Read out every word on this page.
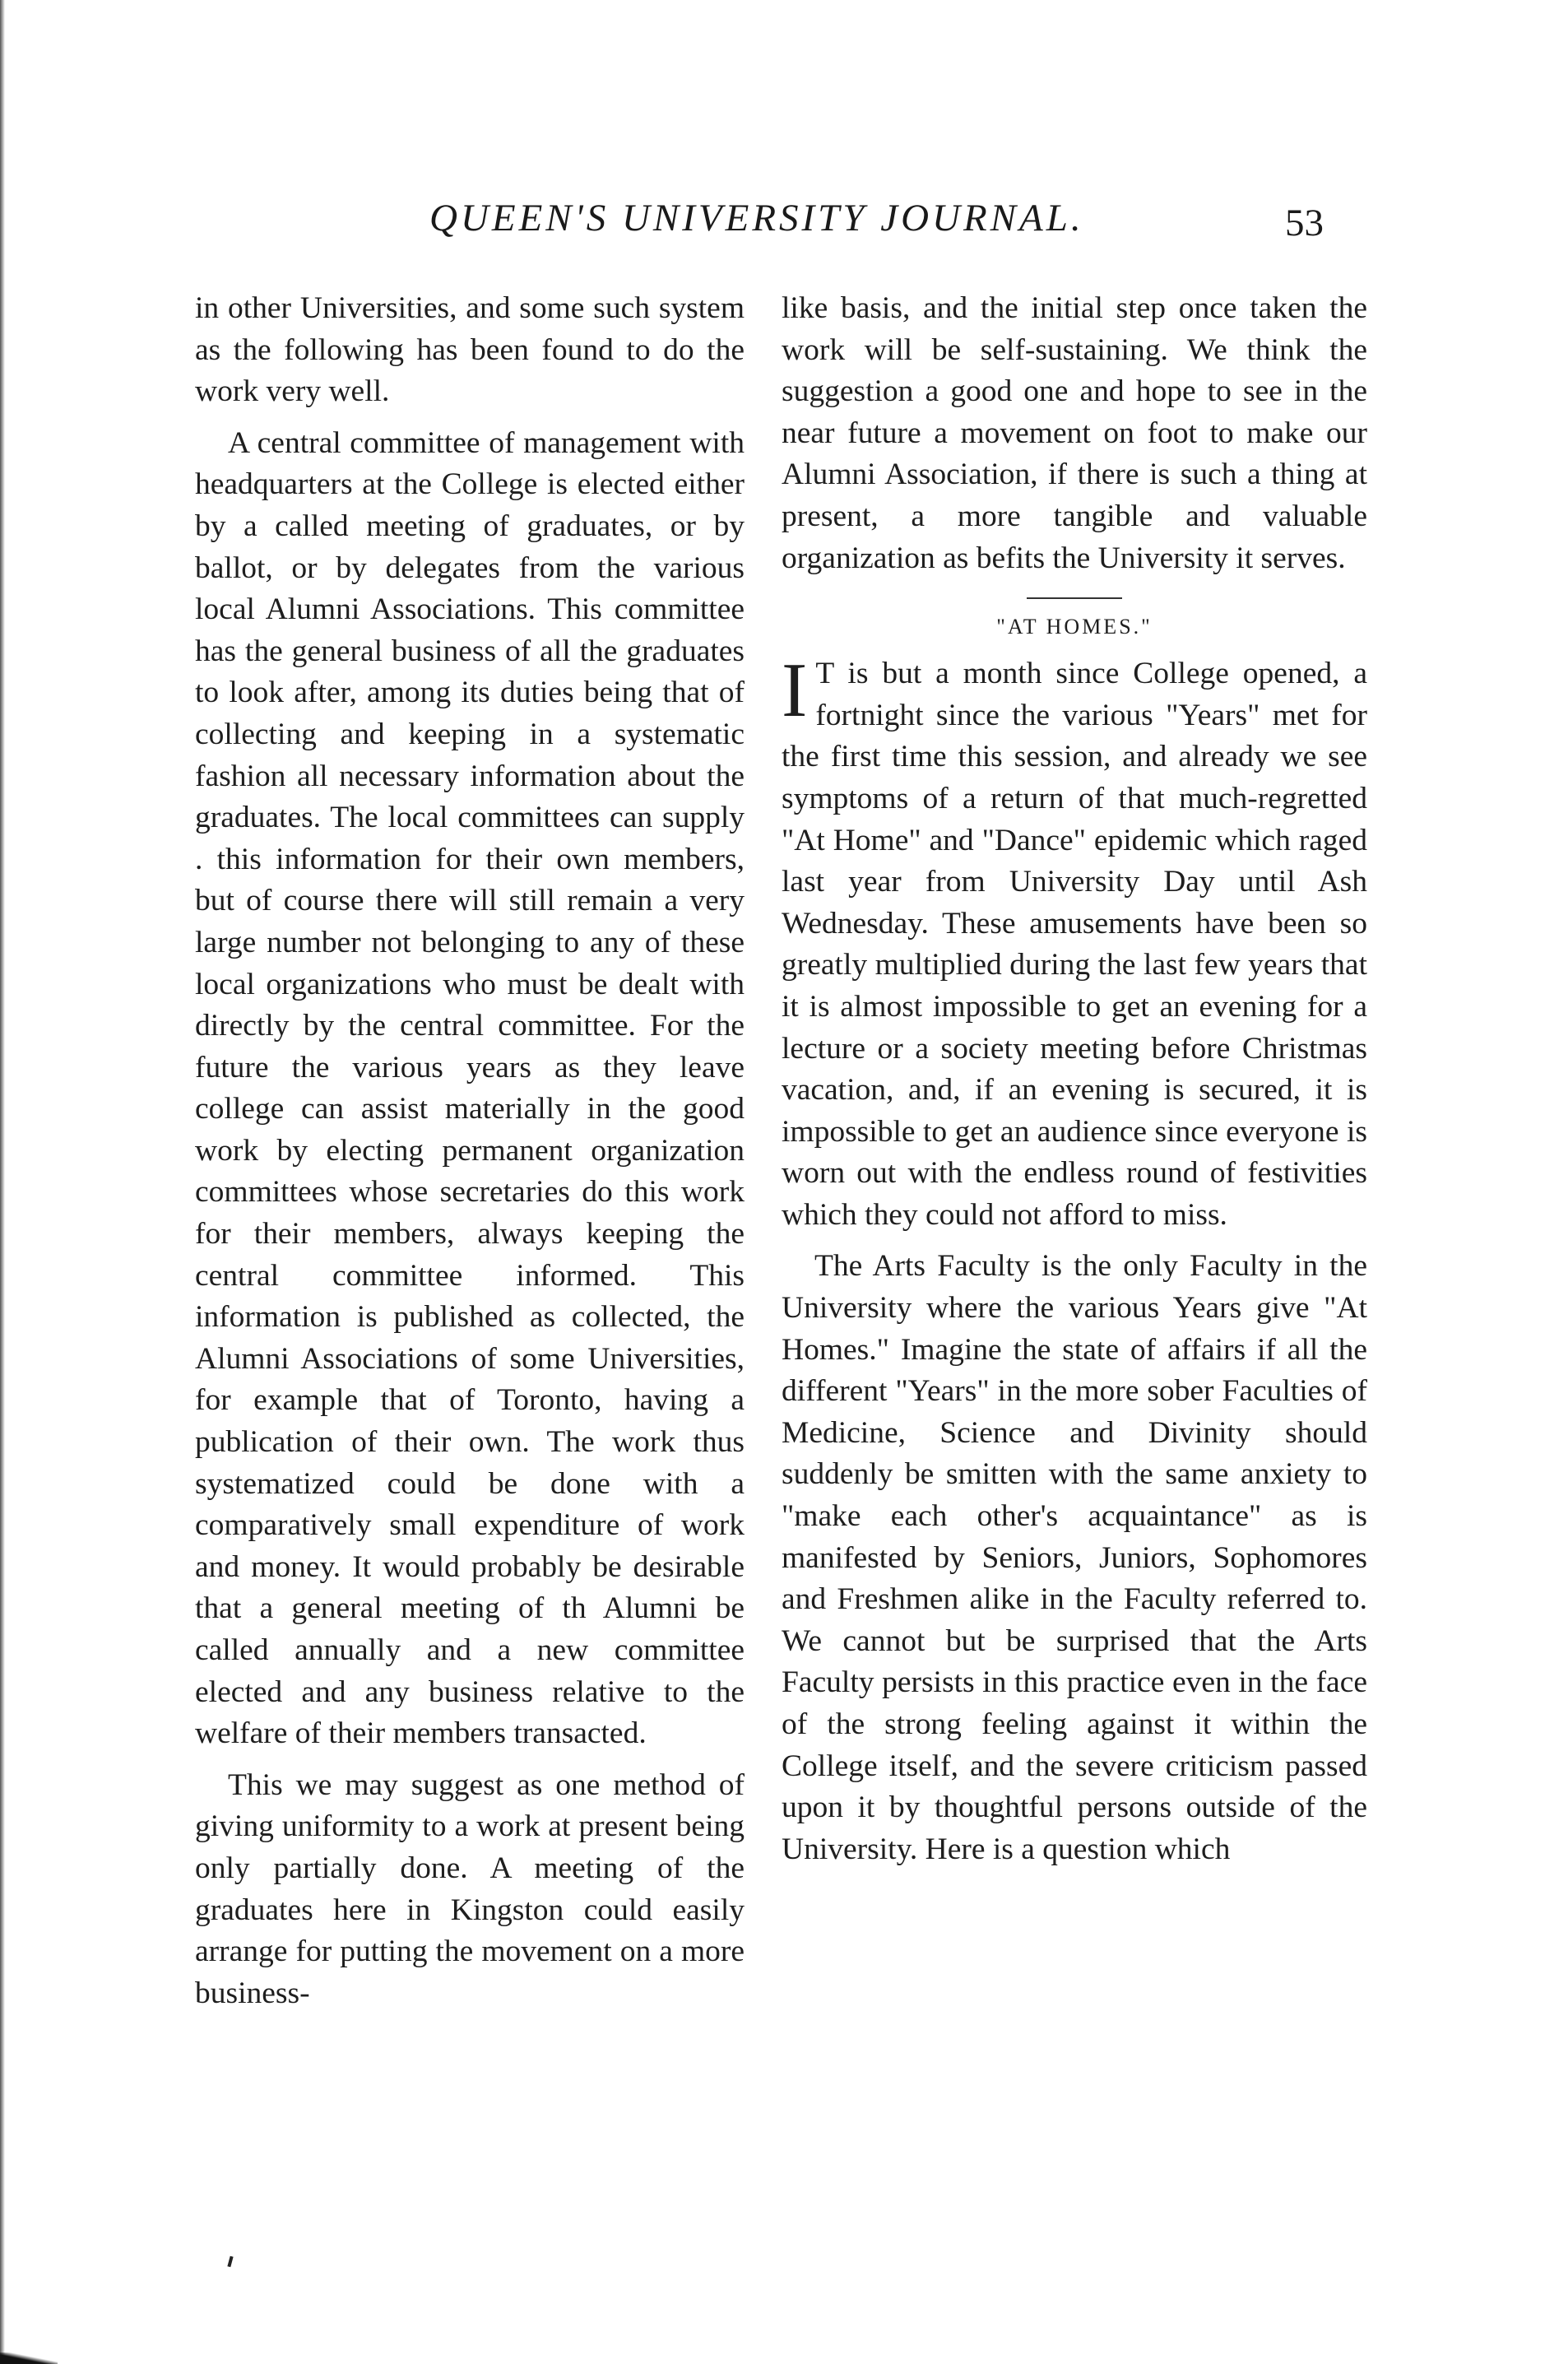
QUEEN'S UNIVERSITY JOURNAL.	53

in other Universities, and some such system as the following has been found to do the work very well.

A central committee of management with headquarters at the College is elected either by a called meeting of graduates, or by ballot, or by delegates from the various local Alumni Associations. This committee has the general business of all the graduates to look after, among its duties being that of collecting and keeping in a systematic fashion all necessary information about the graduates. The local committees can supply . this information for their own members, but of course there will still remain a very large number not belonging to any of these local organizations who must be dealt with directly by the central committee. For the future the various years as they leave college can assist materially in the good work by electing permanent organization committees whose secretaries do this work for their members, always keeping the central committee informed. This information is published as collected, the Alumni Associations of some Universities, for example that of Toronto, having a publication of their own. The work thus systematized could be done with a comparatively small expenditure of work and money. It would probably be desirable that a general meeting of th Alumni be called annually and a new committee elected and any business relative to the welfare of their members transacted.

This we may suggest as one method of giving uniformity to a work at present being only partially done. A meeting of the graduates here in Kingston could easily arrange for putting the movement on a more business-

like basis, and the initial step once taken the work will be self-sustaining. We think the suggestion a good one and hope to see in the near future a movement on foot to make our Alumni Association, if there is such a thing at present, a more tangible and valuable organization as befits the University it serves.

"AT HOMES."

I T is but a month since College opened, a fortnight since the various "Years" met for the first time this session, and already we see symptoms of a return of that much-regretted "At Home" and "Dance" epidemic which raged last year from University Day until Ash Wednesday. These amusements have been so greatly multiplied during the last few years that it is almost impossible to get an evening for a lecture or a society meeting before Christmas vacation, and, if an evening is secured, it is impossible to get an audience since everyone is worn out with the endless round of festivities which they could not afford to miss.

The Arts Faculty is the only Faculty in the University where the various Years give "At Homes." Imagine the state of affairs if all the different "Years" in the more sober Faculties of Medicine, Science and Divinity should suddenly be smitten with the same anxiety to "make each other's acquaintance" as is manifested by Seniors, Juniors, Sophomores and Freshmen alike in the Faculty referred to. We cannot but be surprised that the Arts Faculty persists in this practice even in the face of the strong feeling against it within the College itself, and the severe criticism passed upon it by thoughtful persons outside of the University. Here is a question which
